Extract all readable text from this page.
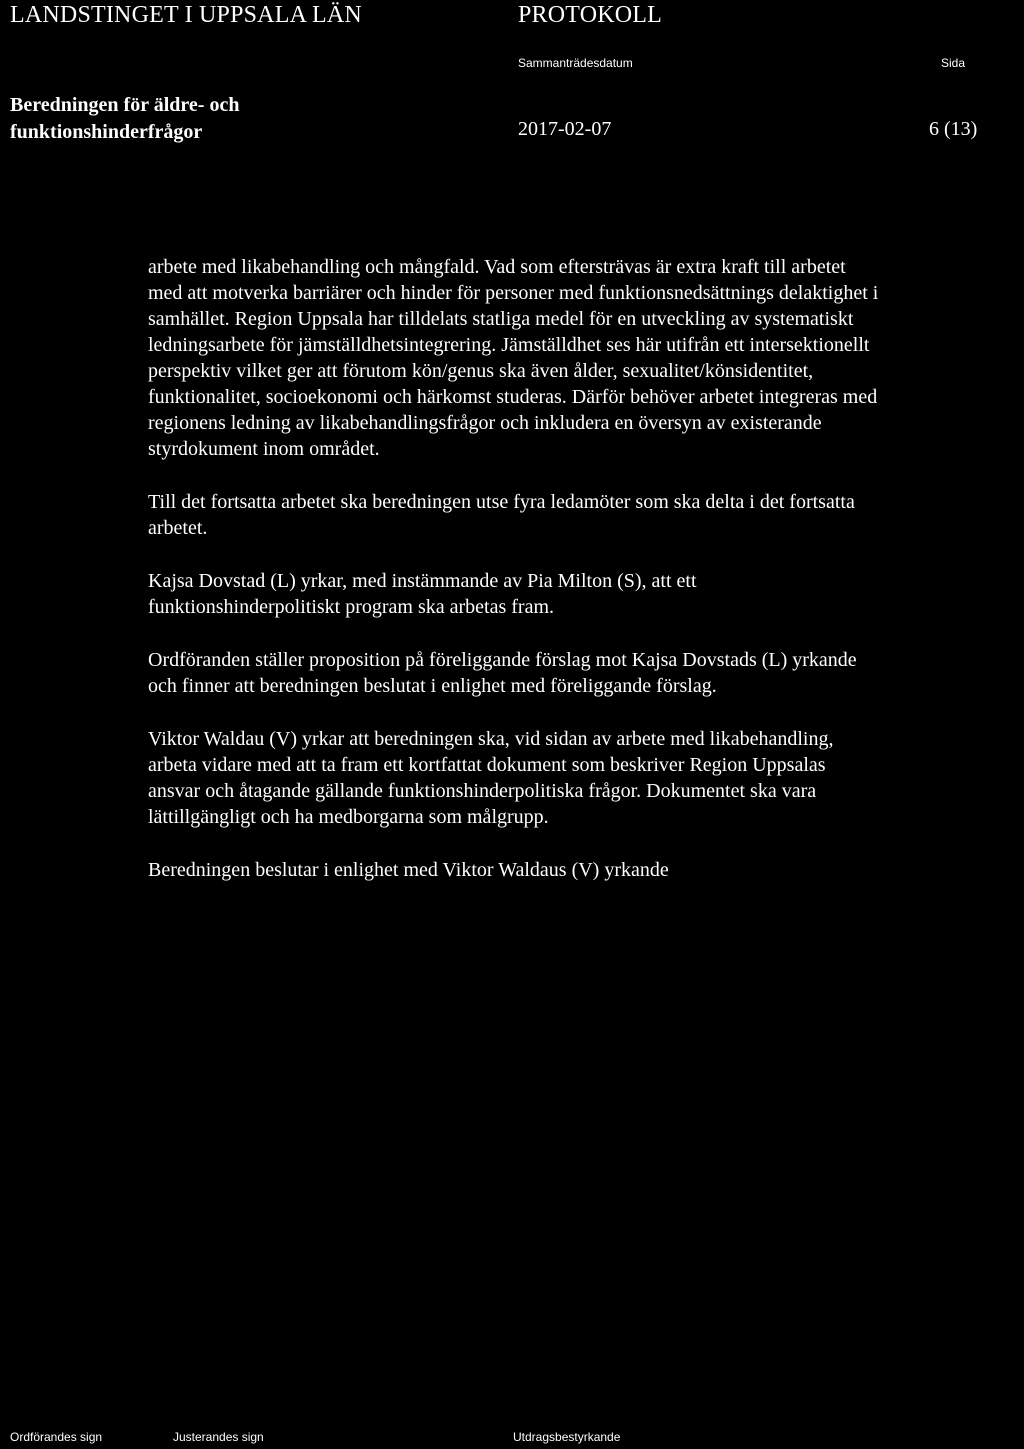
LANDSTINGET I UPPSALA LÄN	PROTOKOLL
Sammanträdesdatum	Sida
Beredningen för äldre- och
funktionshinderfrågor	2017-02-07	6 (13)
arbete med likabehandling och mångfald. Vad som eftersträvas är extra kraft till arbetet
med att motverka barriärer och hinder för personer med funktionsnedsättnings delaktighet i
samhället. Region Uppsala har tilldelats statliga medel för en utveckling av systematiskt
ledningsarbete för jämställdhetsintegrering. Jämställdhet ses här utifrån ett intersektionellt
perspektiv vilket ger att förutom kön/genus ska även ålder, sexualitet/könsidentitet,
funktionalitet, socioekonomi och härkomst studeras. Därför behöver arbetet integreras med
regionens ledning av likabehandlingsfrågor och inkludera en översyn av existerande
styrdokument inom området.
Till det fortsatta arbetet ska beredningen utse fyra ledamöter som ska delta i det fortsatta
arbetet.
Kajsa Dovstad (L) yrkar, med instämmande av Pia Milton (S), att ett
funktionshinderpolitiskt program ska arbetas fram.
Ordföranden ställer proposition på föreliggande förslag mot Kajsa Dovstads (L) yrkande
och finner att beredningen beslutat i enlighet med föreliggande förslag.
Viktor Waldau (V) yrkar att beredningen ska, vid sidan av arbete med likabehandling,
arbeta vidare med att ta fram ett kortfattat dokument som beskriver Region Uppsalas
ansvar och åtagande gällande funktionshinderpolitiska frågor. Dokumentet ska vara
lättillgängligt och ha medborgarna som målgrupp.
Beredningen beslutar i enlighet med Viktor Waldaus (V) yrkande
Ordförandes sign	Justerandes sign	Utdragsbestyrkande
